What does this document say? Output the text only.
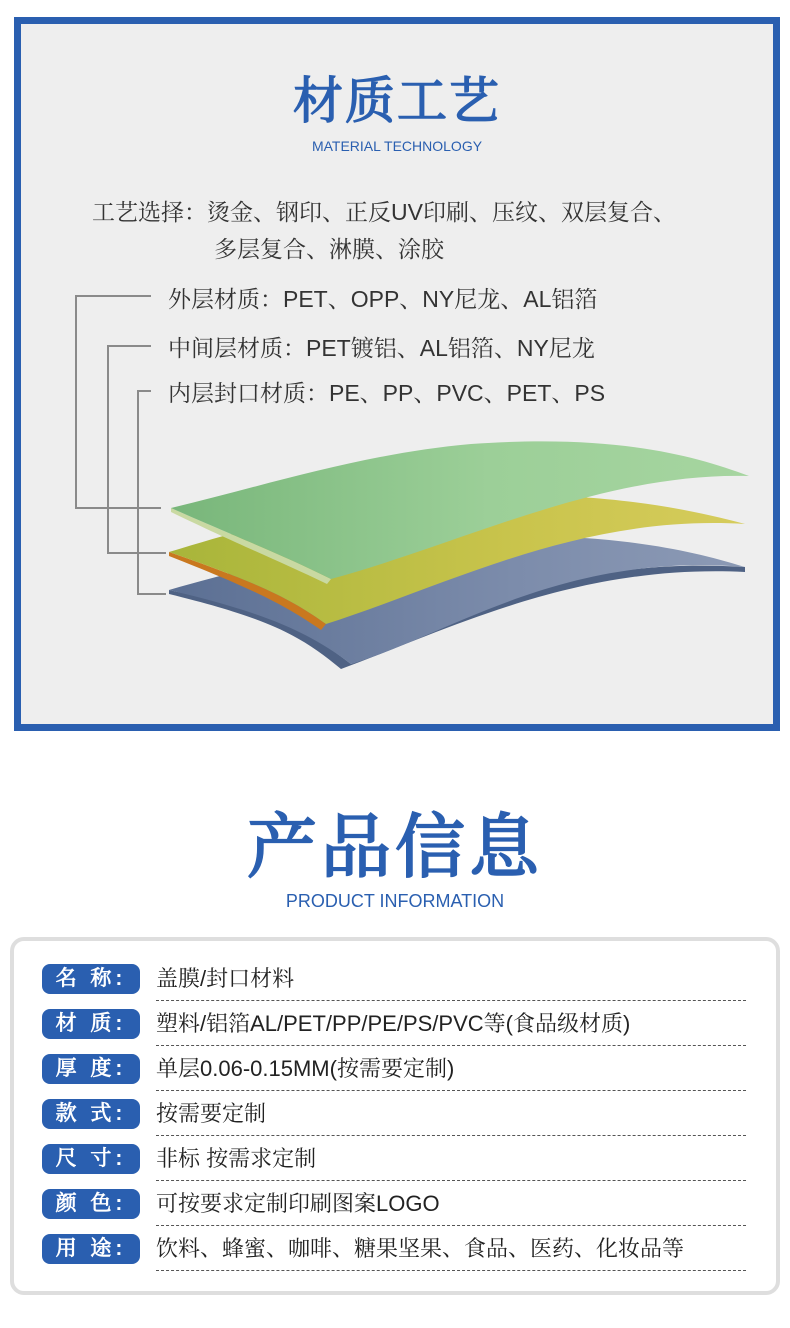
材质工艺
MATERIAL TECHNOLOGY
工艺选择：烫金、钢印、正反UV印刷、压纹、双层复合、
多层复合、淋膜、涂胶
外层材质：PET、OPP、NY尼龙、AL铝箔
中间层材质：PET镀铝、AL铝箔、NY尼龙
内层封口材质：PE、PP、PVC、PET、PS
产品信息
PRODUCT INFORMATION
名 称:	盖膜/封口材料
材 质:	塑料/铝箔AL/PET/PP/PE/PS/PVC等(食品级材质)
厚 度:	单层0.06-0.15MM(按需要定制)
款 式:	按需要定制
尺 寸:	非标 按需求定制
颜 色:	可按要求定制印刷图案LOGO
用 途:	饮料、蜂蜜、咖啡、糖果坚果、食品、医药、化妆品等
